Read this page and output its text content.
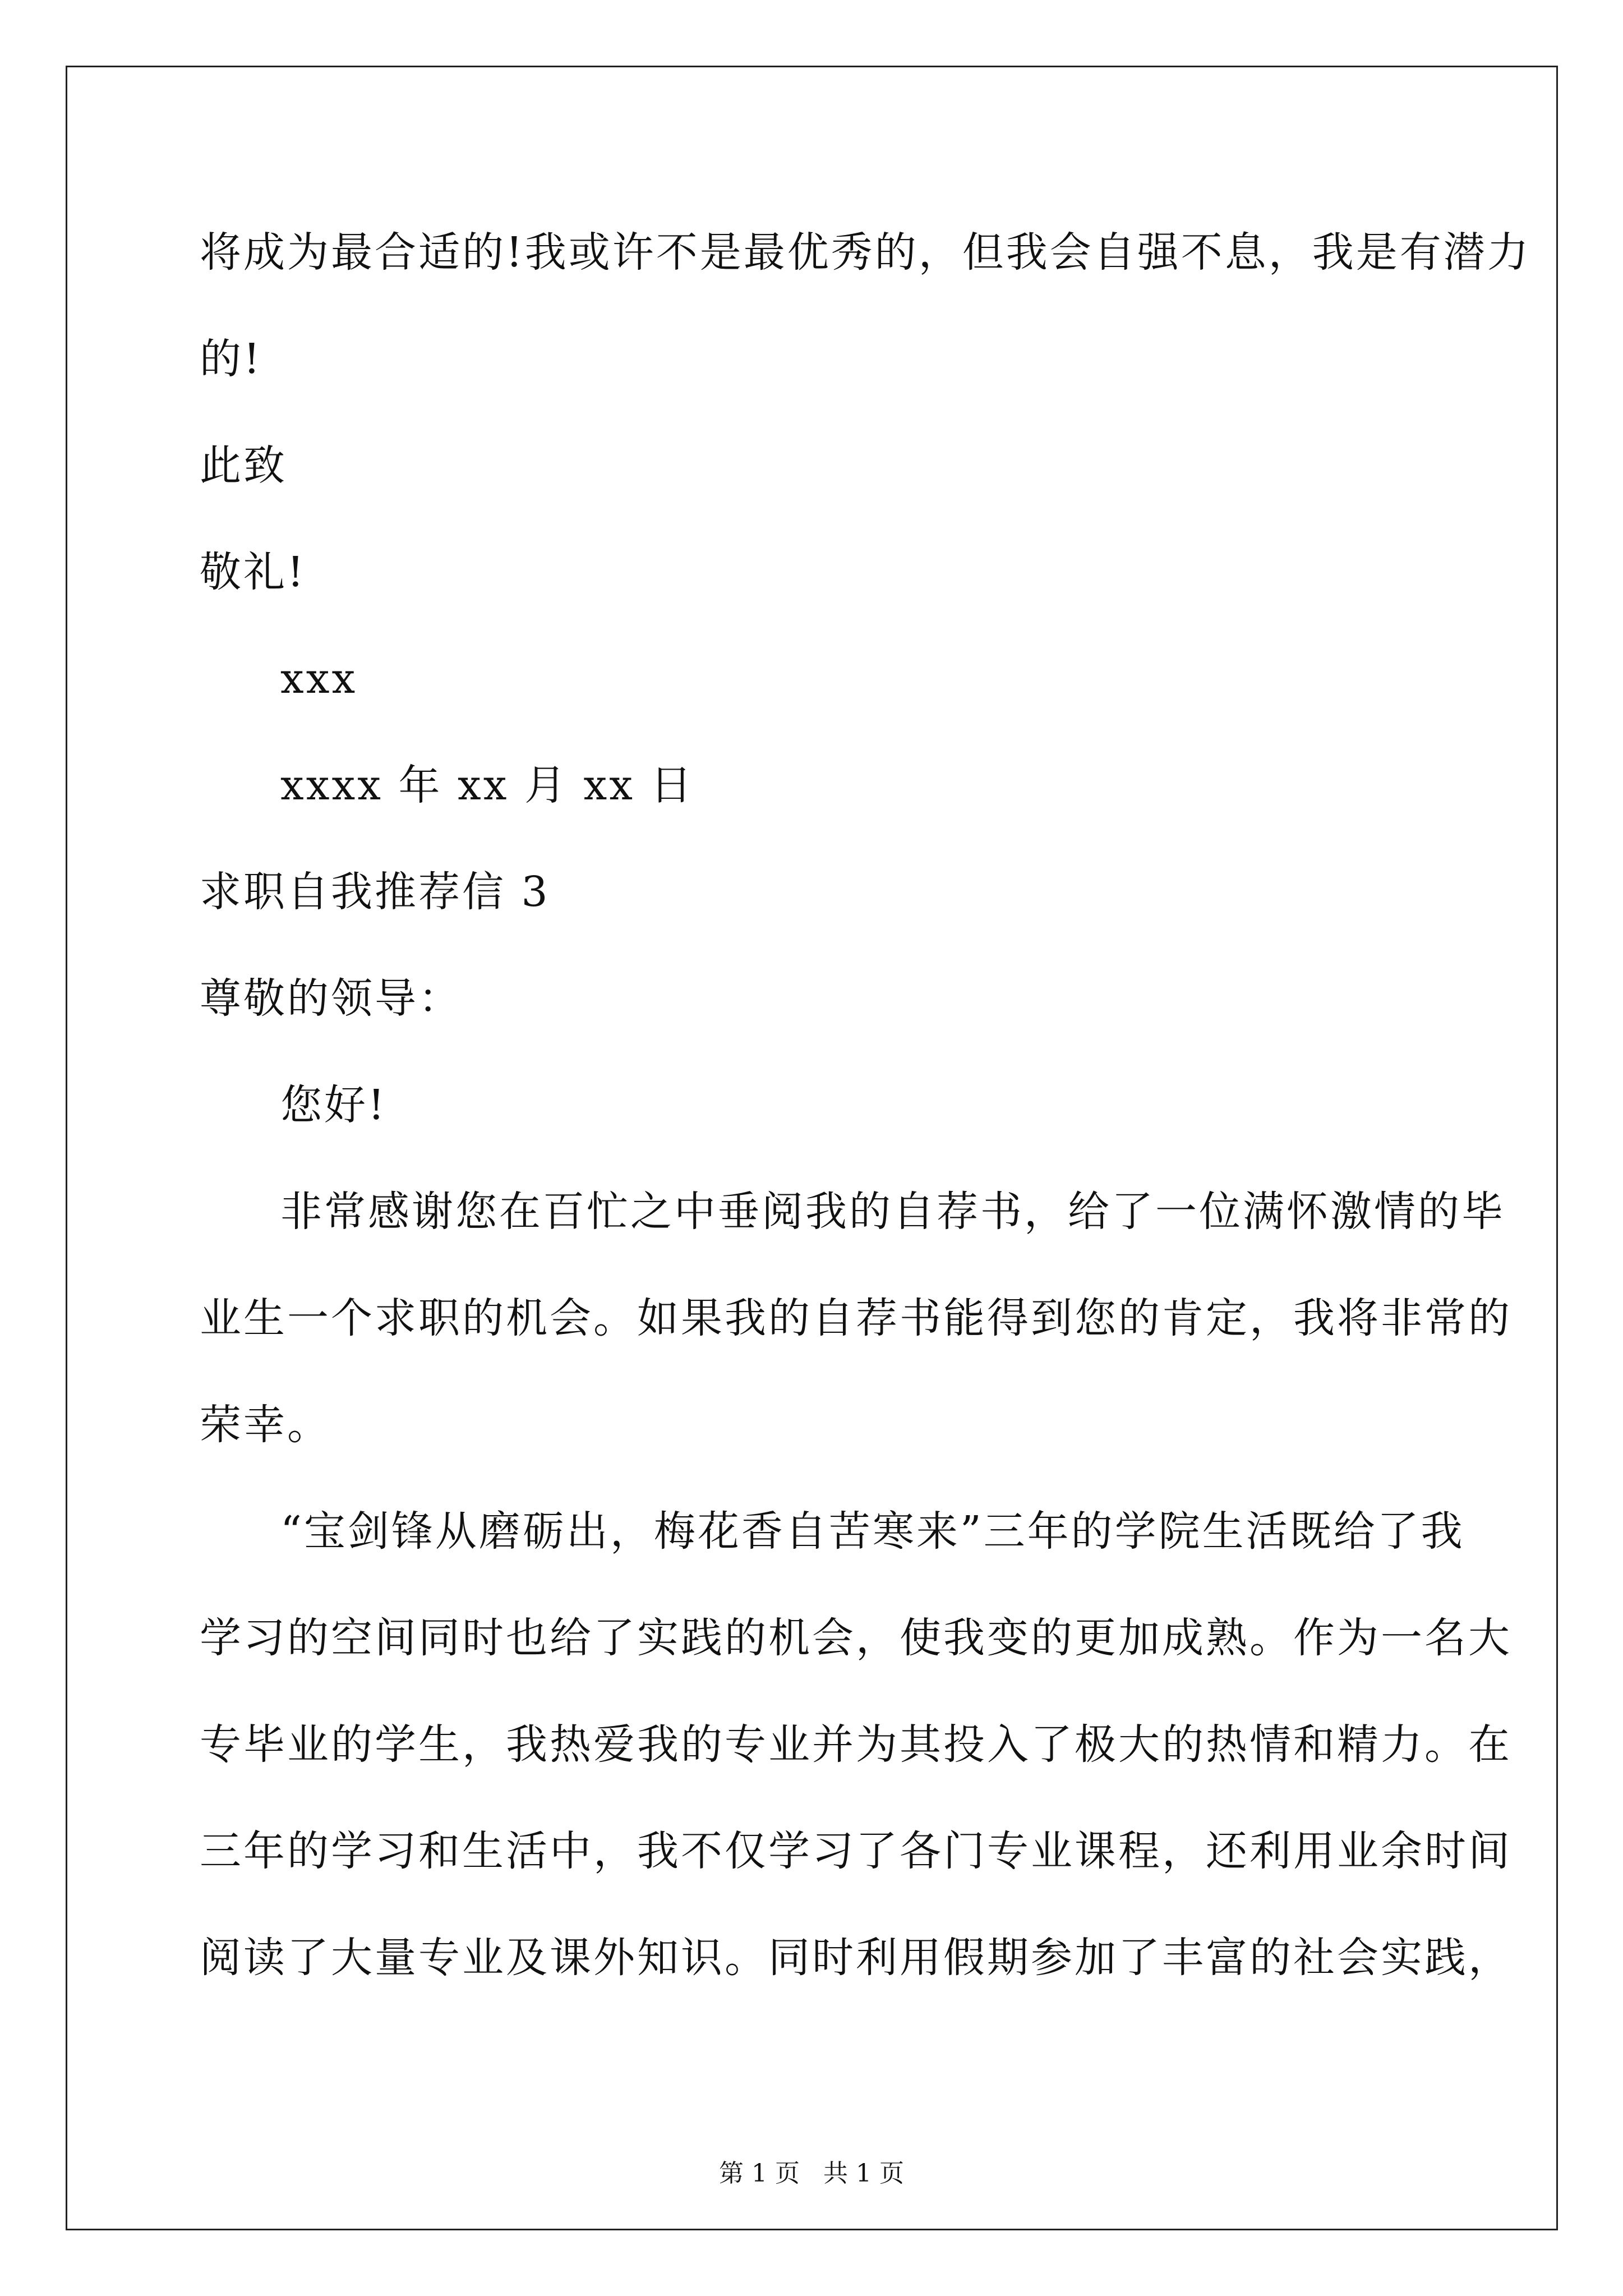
将成为最合适的!我或许不是最优秀的，但我会自强不息，我是有潜力
的!
此致
敬礼!
xxx
xxxx 年 xx 月 xx 日
求职自我推荐信 3
尊敬的领导：
您好!
非常感谢您在百忙之中垂阅我的自荐书，给了一位满怀激情的毕
业生一个求职的机会。如果我的自荐书能得到您的肯定，我将非常的
荣幸。
“宝剑锋从磨砺出，梅花香自苦寒来”三年的学院生活既给了我
学习的空间同时也给了实践的机会，使我变的更加成熟。作为一名大
专毕业的学生，我热爱我的专业并为其投入了极大的热情和精力。在
三年的学习和生活中，我不仅学习了各门专业课程，还利用业余时间
阅读了大量专业及课外知识。同时利用假期参加了丰富的社会实践，
第 1 页   共 1 页
